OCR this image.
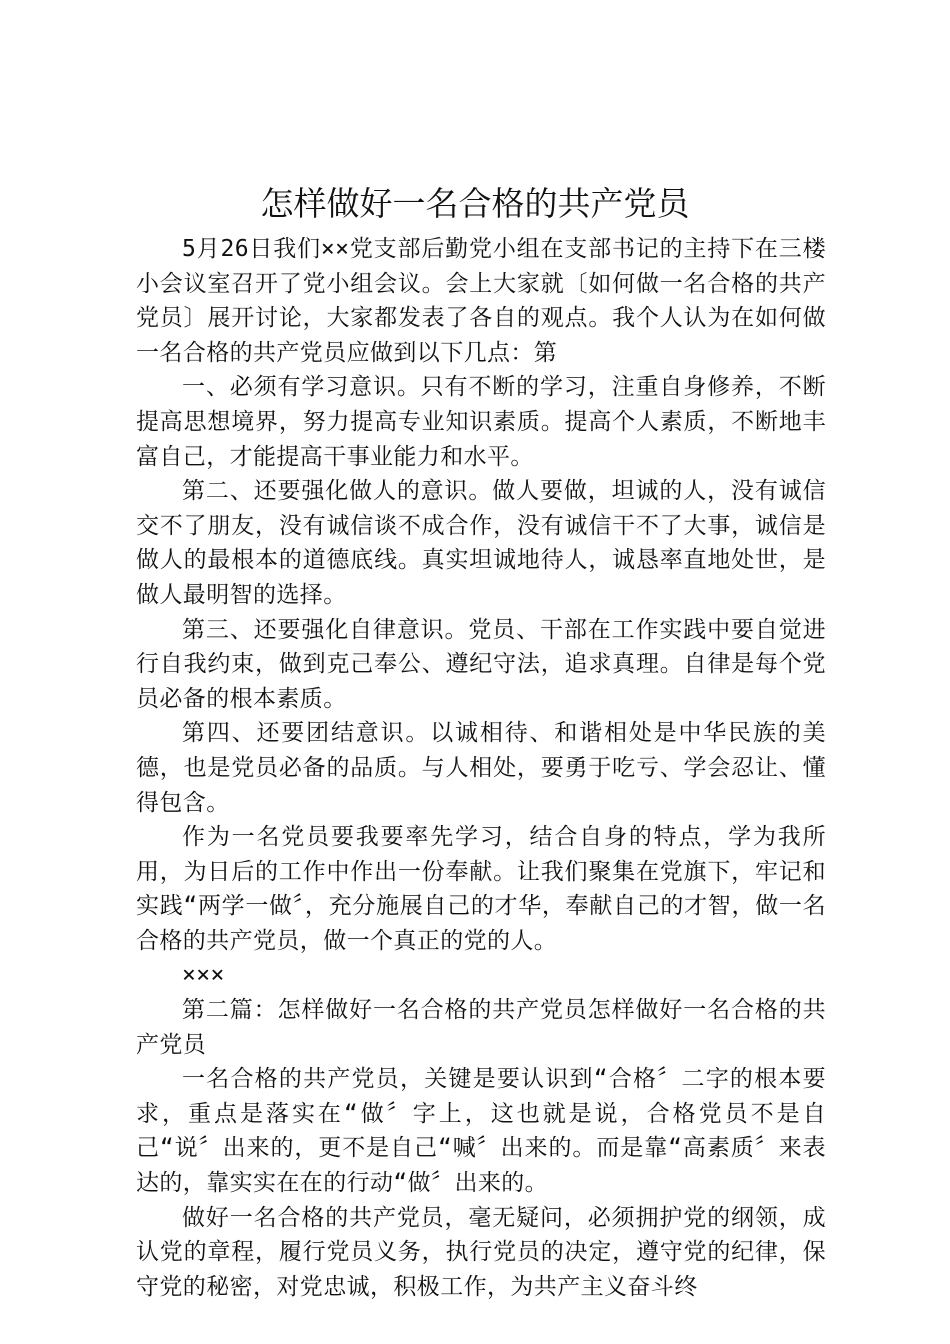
怎样做好一名合格的共产党员

5月26日我们××党支部后勤党小组在支部书记的主持下在三楼小会议室召开了党小组会议。会上大家就〔如何做一名合格的共产党员〕展开讨论，大家都发表了各自的观点。我个人认为在如何做一名合格的共产党员应做到以下几点：第

一、必须有学习意识。只有不断的学习，注重自身修养，不断提高思想境界，努力提高专业知识素质。提高个人素质，不断地丰富自己，才能提高干事业能力和水平。

第二、还要强化做人的意识。做人要做，坦诚的人，没有诚信交不了朋友，没有诚信谈不成合作，没有诚信干不了大事，诚信是做人的最根本的道德底线。真实坦诚地待人，诚恳率直地处世，是做人最明智的选择。

第三、还要强化自律意识。党员、干部在工作实践中要自觉进行自我约束，做到克己奉公、遵纪守法，追求真理。自律是每个党员必备的根本素质。

第四、还要团结意识。以诚相待、和谐相处是中华民族的美德，也是党员必备的品质。与人相处，要勇于吃亏、学会忍让、懂得包含。

作为一名党员要我要率先学习，结合自身的特点，学为我所用，为日后的工作中作出一份奉献。让我们聚集在党旗下，牢记和实践“两学一做〞，充分施展自己的才华，奉献自己的才智，做一名合格的共产党员，做一个真正的党的人。

×××

第二篇：怎样做好一名合格的共产党员怎样做好一名合格的共产党员

一名合格的共产党员，关键是要认识到“合格〞二字的根本要求，重点是落实在“做〞字上，这也就是说，合格党员不是自己“说〞出来的，更不是自己“喊〞出来的。而是靠“高素质〞来表达的，靠实实在在的行动“做〞出来的。

做好一名合格的共产党员，毫无疑问，必须拥护党的纲领，成认党的章程，履行党员义务，执行党员的决定，遵守党的纪律，保守党的秘密，对党忠诚，积极工作，为共产主义奋斗终
